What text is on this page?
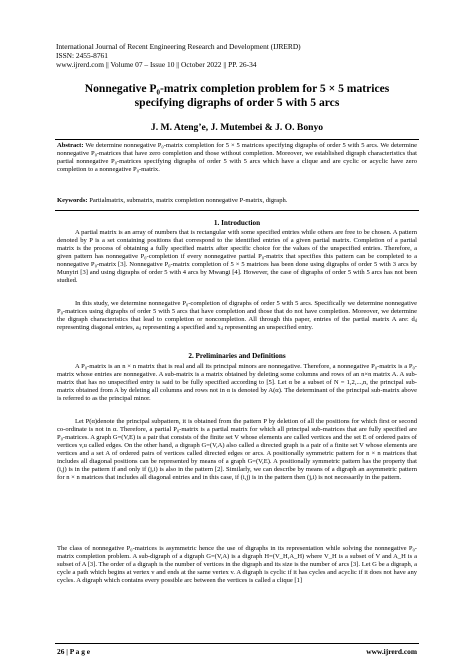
International Journal of Recent Engineering Research and Development (IJRERD)
ISSN: 2455-8761
www.ijrerd.com || Volume 07 – Issue 10 || October 2022 || PP. 26-34
Nonnegative P₀-matrix completion problem for 5 × 5 matrices
specifying digraphs of order 5 with 5 arcs
J. M. Ateng’e, J. Mutembei & J. O. Bonyo
Abstract: We determine nonnegative P₀-matrix completion for 5 × 5 matrices specifying digraphs of order 5 with 5 arcs. We determine nonnegative P₀-matrices that have zero completion and those without completion. Moreover, we established digraph characteristics that partial nonnegative P₀-matrices specifying digraphs of order 5 with 5 arcs which have a clique and are cyclic or acyclic have zero completion to a nonnegative P₀-matrix.
Keywords: Partialmatrix, submatrix, matrix completion nonnegative P-matrix, digraph.
1. Introduction
A partial matrix is an array of numbers that is rectangular with some specified entries while others are free to be chosen. A pattern denoted by P is a set containing positions that correspond to the identified entries of a given partial matrix. Completion of a partial matrix is the process of obtaining a fully specified matrix after specific choice for the values of the unspecified entries. Therefore, a given pattern has nonnegative P₀-completion if every nonnegative partial P₀-matrix that specifies this pattern can be completed to a nonnegative P₀-matrix [3]. Nonnegative P₀-matrix completion of 5 × 5 matrices has been done using digraphs of order 5 with 3 arcs by Munyiri [3] and using digraphs of order 5 with 4 arcs by Mwangi [4]. However, the case of digraphs of order 5 with 5 arcs has not been studied.
In this study, we determine nonnegative P₀-completion of digraphs of order 5 with 5 arcs. Specifically we determine nonnegative P₀-matrices using digraphs of order 5 with 5 arcs that have completion and those that do not have completion. Moreover, we determine the digraph characteristics that lead to completion or noncompletion. All through this paper, entries of the partial matrix A are: dᵢⱼ representing diagonal entries, aᵢⱼ representing a specified and xᵢⱼ representing an unspecified entry.
2. Preliminaries and Definitions
A P₀-matrix is an n × n matrix that is real and all its principal minors are nonnegative. Therefore, a nonnegative P₀-matrix is a P₀-matrix whose entries are nonnegative. A sub-matrix is a matrix obtained by deleting some columns and rows of an n×n matrix A. A sub-matrix that has no unspecified entry is said to be fully specified according to [5]. Let α be a subset of N = 1,2,...,n, the principal sub-matrix obtained from A by deleting all columns and rows not in α is denoted by A(α). The determinant of the principal sub-matrix above is referred to as the principal minor.
Let P(α)denote the principal subpattern, it is obtained from the pattern P by deletion of all the positions for which first or second co-ordinate is not in α. Therefore, a partial P₀-matrix is a partial matrix for which all principal sub-matrices that are fully specified are P₀-matrices. A graph G=(V,E) is a pair that consists of the finite set V whose elements are called vertices and the set E of ordered pairs of vertices v,u called edges. On the other hand, a digraph G=(V,A) also called a directed graph is a pair of a finite set V whose elements are vertices and a set A of ordered pairs of vertices called directed edges or arcs. A positionally symmetric pattern for n × n matrices that includes all diagonal positions can be represented by means of a graph G=(V,E). A positionally symmetric pattern has the property that (i,j) is in the pattern if and only if (j,i) is also in the pattern [2]. Similarly, we can describe by means of a digraph an asymmetric pattern for n × n matrices that includes all diagonal entries and in this case, if (i,j) is in the pattern then (j,i) is not necessarily in the pattern.
The class of nonnegative P₀-matrices is asymmetric hence the use of digraphs in its representation while solving the nonnegative P₀-matrix completion problem. A sub-digraph of a digraph G=(V,A) is a digraph H=(V_H,A_H) where V_H is a subset of V and A_H is a subset of A [3]. The order of a digraph is the number of vertices in the digraph and its size is the number of arcs [3]. Let G be a digraph, a cycle a path which begins at vertex v and ends at the same vertex v. A digraph is cyclic if it has cycles and acyclic if it does not have any cycles. A digraph which contains every possible arc between the vertices is called a clique [1]
26 | P a g e	www.ijrerd.com
